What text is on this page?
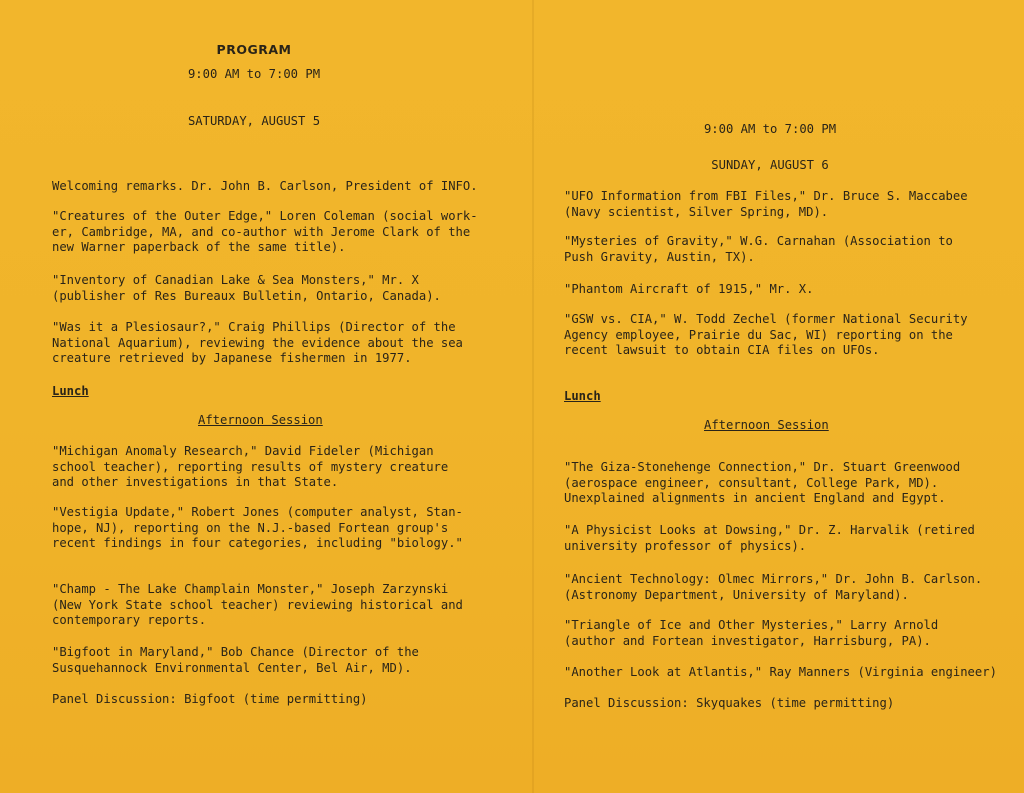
PROGRAM
9:00 AM to 7:00 PM
SATURDAY, AUGUST 5
Welcoming remarks. Dr. John B. Carlson, President of INFO.
"Creatures of the Outer Edge," Loren Coleman (social work-
er, Cambridge, MA, and co-author with Jerome Clark of the
new Warner paperback of the same title).
"Inventory of Canadian Lake & Sea Monsters," Mr. X
(publisher of Res Bureaux Bulletin, Ontario, Canada).
"Was it a Plesiosaur?," Craig Phillips (Director of the
National Aquarium), reviewing the evidence about the sea
creature retrieved by Japanese fishermen in 1977.
Lunch
Afternoon Session
"Michigan Anomaly Research," David Fideler (Michigan
school teacher), reporting results of mystery creature
and other investigations in that State.
"Vestigia Update," Robert Jones (computer analyst, Stan-
hope, NJ), reporting on the N.J.-based Fortean group's
recent findings in four categories, including "biology."
"Champ - The Lake Champlain Monster," Joseph Zarzynski
(New York State school teacher) reviewing historical and
contemporary reports.
"Bigfoot in Maryland," Bob Chance (Director of the
Susquehannock Environmental Center, Bel Air, MD).
Panel Discussion: Bigfoot (time permitting)
9:00 AM to 7:00 PM
SUNDAY, AUGUST 6
"UFO Information from FBI Files," Dr. Bruce S. Maccabee
(Navy scientist, Silver Spring, MD).
"Mysteries of Gravity," W.G. Carnahan (Association to
Push Gravity, Austin, TX).
"Phantom Aircraft of 1915," Mr. X.
"GSW vs. CIA," W. Todd Zechel (former National Security
Agency employee, Prairie du Sac, WI) reporting on the
recent lawsuit to obtain CIA files on UFOs.
Lunch
Afternoon Session
"The Giza-Stonehenge Connection," Dr. Stuart Greenwood
(aerospace engineer, consultant, College Park, MD).
Unexplained alignments in ancient England and Egypt.
"A Physicist Looks at Dowsing," Dr. Z. Harvalik (retired
university professor of physics).
"Ancient Technology: Olmec Mirrors," Dr. John B. Carlson.
(Astronomy Department, University of Maryland).
"Triangle of Ice and Other Mysteries," Larry Arnold
(author and Fortean investigator, Harrisburg, PA).
"Another Look at Atlantis," Ray Manners (Virginia engineer)
Panel Discussion: Skyquakes (time permitting)
